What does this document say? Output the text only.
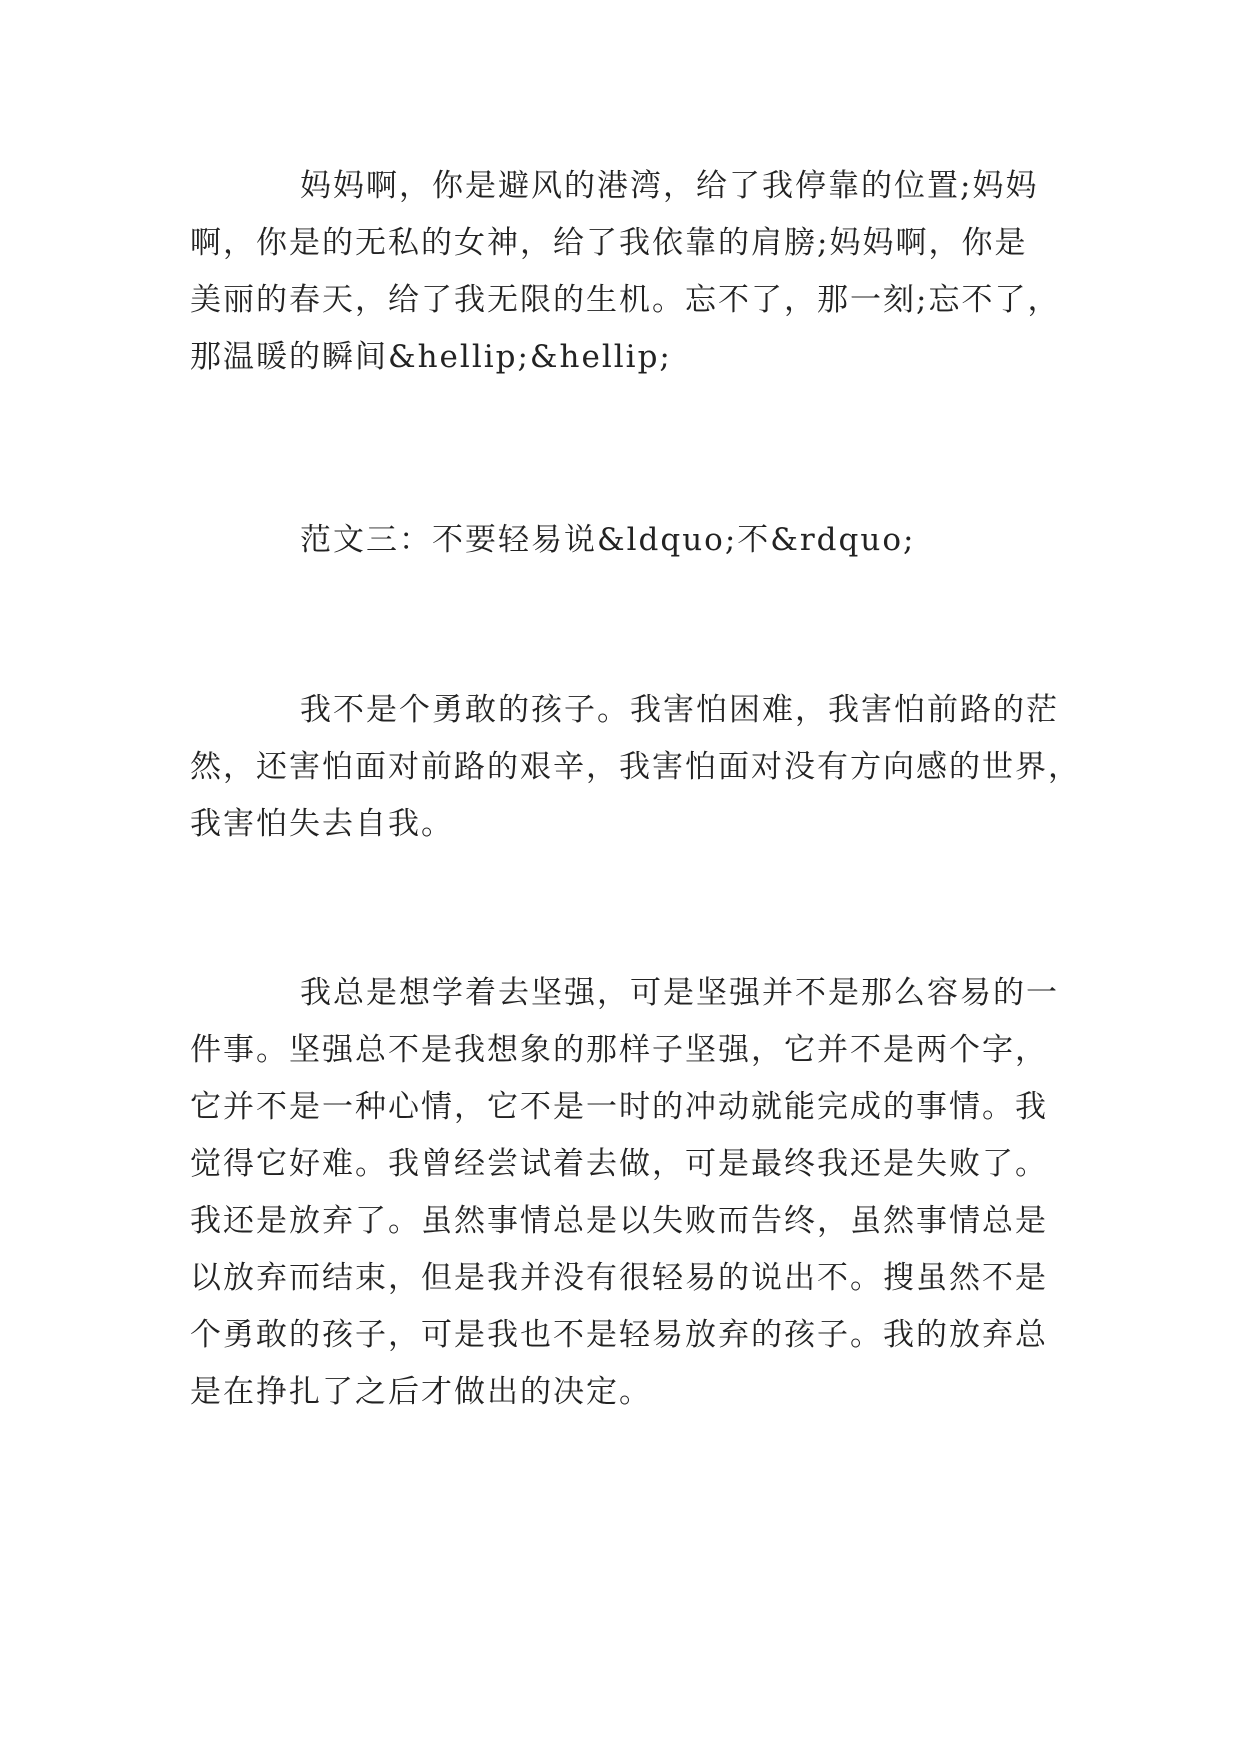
妈妈啊，你是避风的港湾，给了我停靠的位置;妈妈
啊，你是的无私的女神，给了我依靠的肩膀;妈妈啊，你是
美丽的春天，给了我无限的生机。忘不了，那一刻;忘不了，
那温暖的瞬间&hellip;&hellip;

范文三：不要轻易说&ldquo;不&rdquo;

我不是个勇敢的孩子。我害怕困难，我害怕前路的茫
然，还害怕面对前路的艰辛，我害怕面对没有方向感的世界，
我害怕失去自我。

我总是想学着去坚强，可是坚强并不是那么容易的一
件事。坚强总不是我想象的那样子坚强，它并不是两个字，
它并不是一种心情，它不是一时的冲动就能完成的事情。我
觉得它好难。我曾经尝试着去做，可是最终我还是失败了。
我还是放弃了。虽然事情总是以失败而告终，虽然事情总是
以放弃而结束，但是我并没有很轻易的说出不。搜虽然不是
个勇敢的孩子，可是我也不是轻易放弃的孩子。我的放弃总
是在挣扎了之后才做出的决定。
